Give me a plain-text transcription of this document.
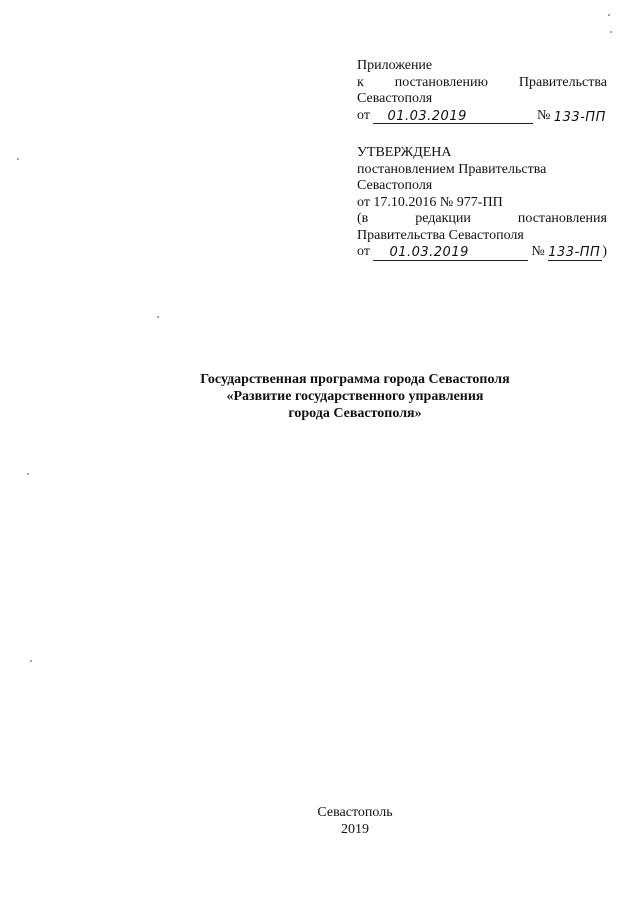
Приложение
к постановлению Правительства
Севастополя
от
01.03.2019
	№
133-ПП
УТВЕРЖДЕНА
постановлением Правительства
Севастополя
от 17.10.2016 № 977-ПП
(в	редакции	постановления
Правительства Севастополя
от
01.03.2019
	№
133-ПП )
Государственная программа города Севастополя
«Развитие государственного управления
города Севастополя»
Севастополь
2019
